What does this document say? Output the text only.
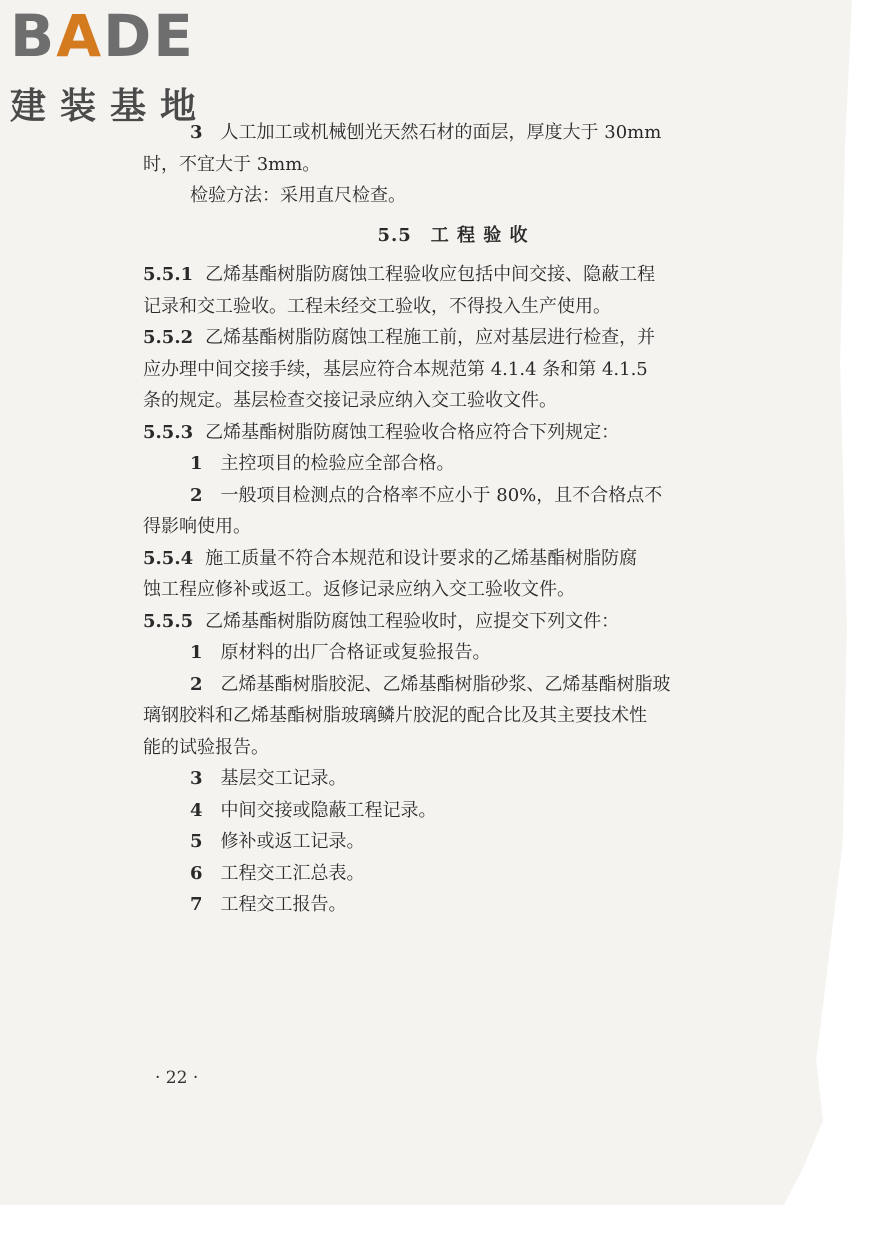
BADE
建装基地
3　 人工加工或机械刨光天然石材的面层，厚度大于 30mm
时，不宜大于 3mm。
检验方法：采用直尺检查。
5.5　工 程 验 收
5.5.1 乙烯基酯树脂防腐蚀工程验收应包括中间交接、隐蔽工程
记录和交工验收。工程未经交工验收，不得投入生产使用。
5.5.2 乙烯基酯树脂防腐蚀工程施工前，应对基层进行检查，并
应办理中间交接手续，基层应符合本规范第 4.1.4 条和第 4.1.5
条的规定。基层检查交接记录应纳入交工验收文件。
5.5.3 乙烯基酯树脂防腐蚀工程验收合格应符合下列规定：
1　 主控项目的检验应全部合格。
2　 一般项目检测点的合格率不应小于 80%，且不合格点不
得影响使用。
5.5.4 施工质量不符合本规范和设计要求的乙烯基酯树脂防腐
蚀工程应修补或返工。返修记录应纳入交工验收文件。
5.5.5 乙烯基酯树脂防腐蚀工程验收时，应提交下列文件：
1　 原材料的出厂合格证或复验报告。
2　 乙烯基酯树脂胶泥、乙烯基酯树脂砂浆、乙烯基酯树脂玻
璃钢胶料和乙烯基酯树脂玻璃鳞片胶泥的配合比及其主要技术性
能的试验报告。
3　 基层交工记录。
4　 中间交接或隐蔽工程记录。
5　 修补或返工记录。
6　 工程交工汇总表。
7　 工程交工报告。
· 22 ·
